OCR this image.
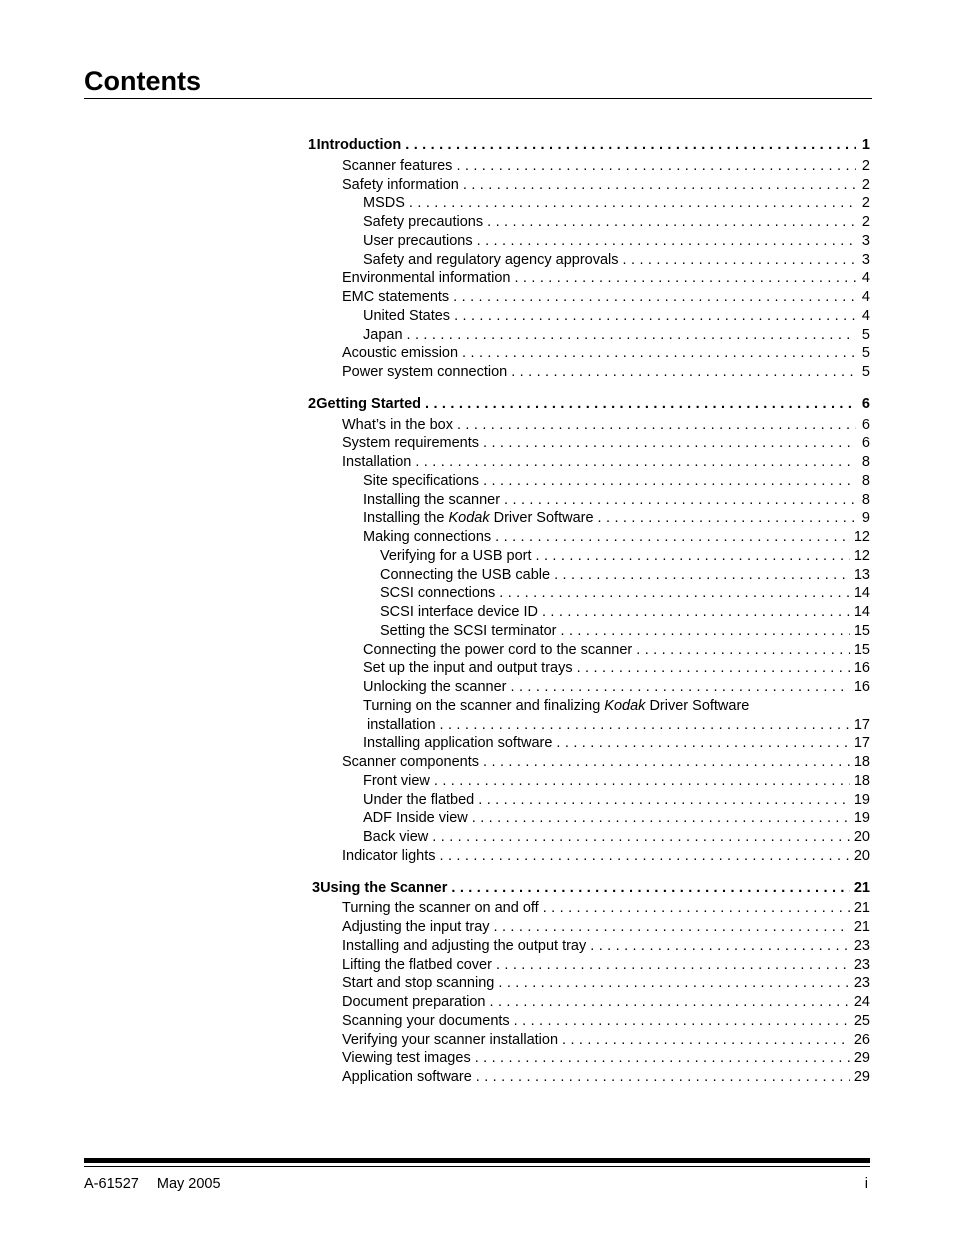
Contents
1 Introduction . . .	1
Scanner features . . .	2
Safety information . . .	2
MSDS . . .	2
Safety precautions . . .	2
User precautions . . .	3
Safety and regulatory agency approvals . . .	3
Environmental information . . .	4
EMC statements . . .	4
United States . . .	4
Japan . . .	5
Acoustic emission . . .	5
Power system connection . . .	5
2 Getting Started . . .	6
What’s in the box . . .	6
System requirements . . .	6
Installation . . .	8
Site specifications . . .	8
Installing the scanner . . .	8
Installing the Kodak Driver Software . . .	9
Making connections . . .	12
Verifying for a USB port . . .	12
Connecting the USB cable . . .	13
SCSI connections . . .	14
SCSI interface device ID . . .	14
Setting the SCSI terminator . . .	15
Connecting the power cord to the scanner . . .	15
Set up the input and output trays . . .	16
Unlocking the scanner . . .	16
Turning on the scanner and finalizing Kodak Driver Software
installation . . .	17
Installing application software . . .	17
Scanner components . . .	18
Front view . . .	18
Under the flatbed . . .	19
ADF Inside view . . .	19
Back view . . .	20
Indicator lights . . .	20
3 Using the Scanner . . .	21
Turning the scanner on and off . . .	21
Adjusting the input tray . . .	21
Installing and adjusting the output tray . . .	23
Lifting the flatbed cover . . .	23
Start and stop scanning . . .	23
Document preparation . . .	24
Scanning your documents . . .	25
Verifying your scanner installation . . .	26
Viewing test images . . .	29
Application software . . .	29
A-61527 May 2005	i
